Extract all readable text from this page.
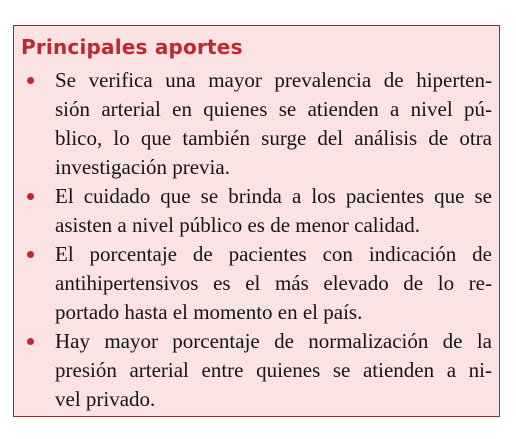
Principales aportes
Se verifica una mayor prevalencia de hiperten-
sión arterial en quienes se atienden a nivel pú-
blico, lo que también surge del análisis de otra
investigación previa.
El cuidado que se brinda a los pacientes que se
asisten a nivel público es de menor calidad.
El porcentaje de pacientes con indicación de
antihipertensivos es el más elevado de lo re-
portado hasta el momento en el país.
Hay mayor porcentaje de normalización de la
presión arterial entre quienes se atienden a ni-
vel privado.
